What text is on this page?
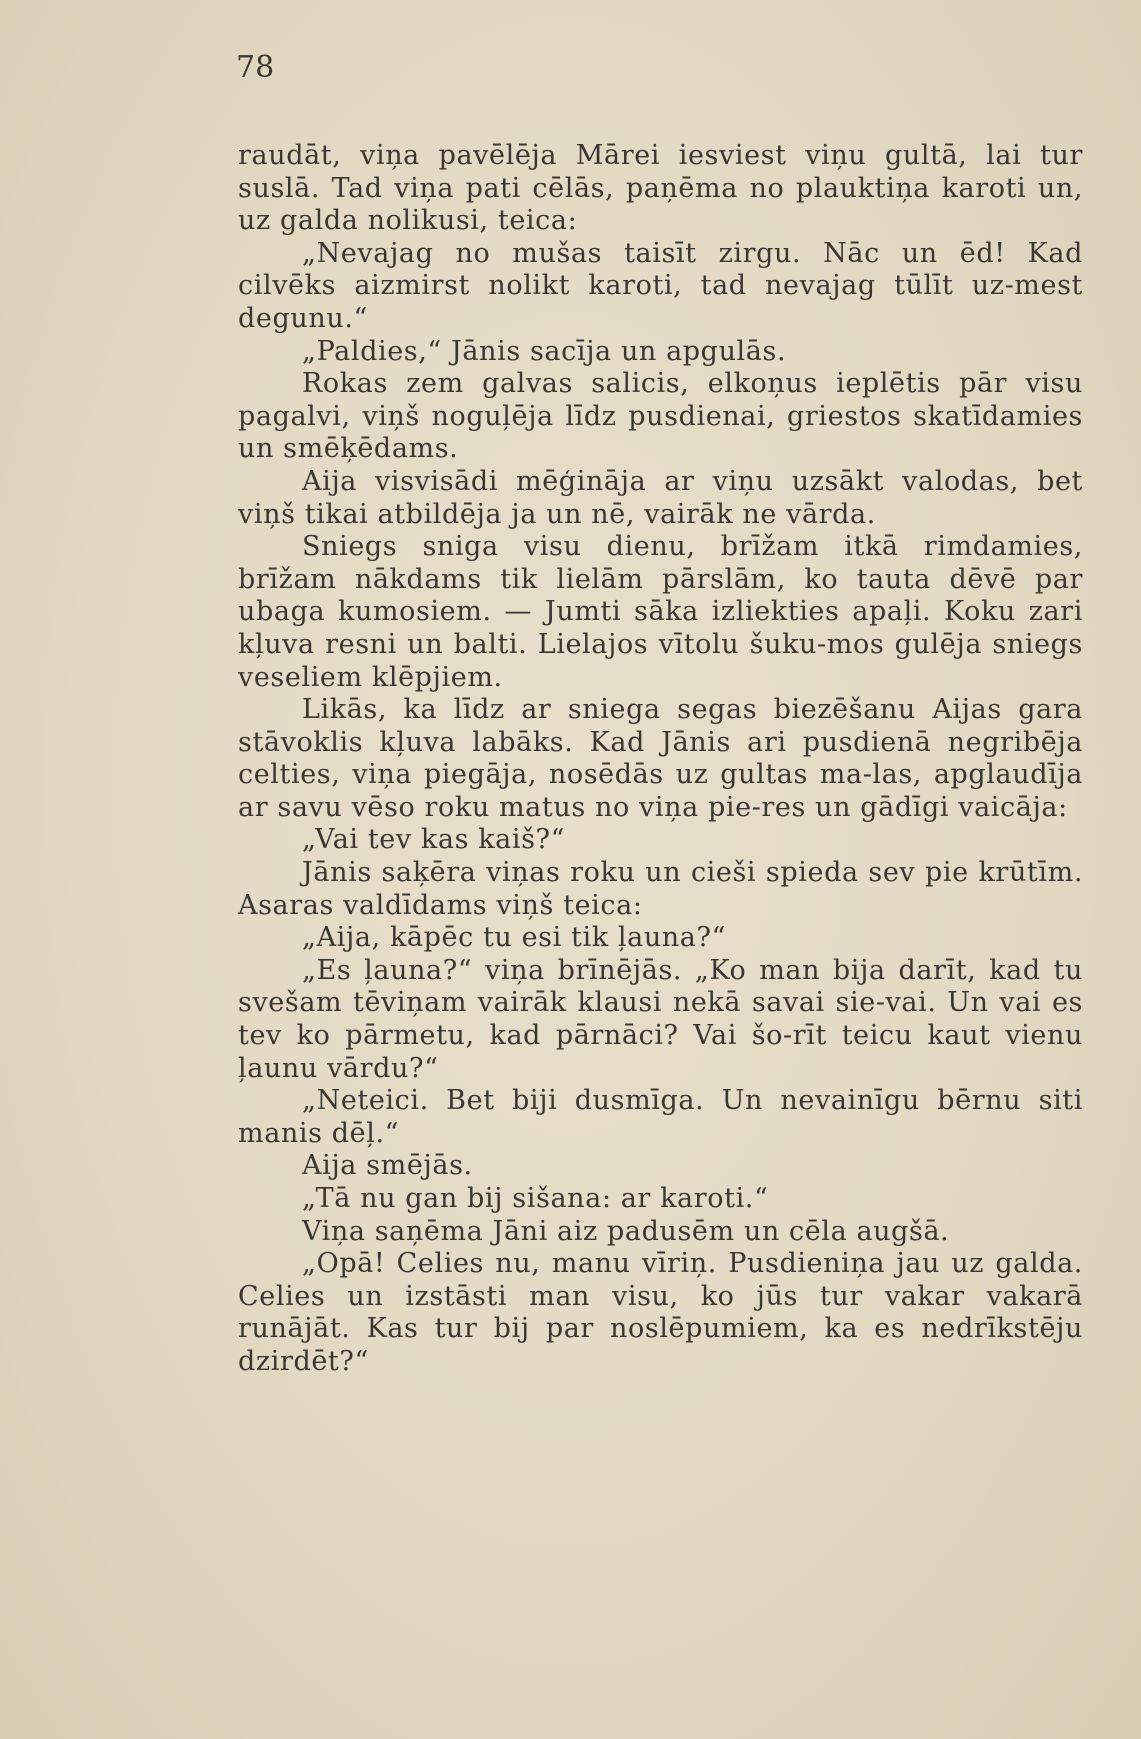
78

raudāt, viņa pavēlēja Mārei iesviest viņu gultā, lai tur suslā. Tad viņa pati cēlās, paņēma no plauktiņa karoti un, uz galda nolikusi, teica:

„Nevajag no mušas taisīt zirgu. Nāc un ēd! Kad cilvēks aizmirst nolikt karoti, tad nevajag tūlīt uz-mest degunu.“

„Paldies,“ Jānis sacīja un apgulās.

Rokas zem galvas salicis, elkoņus ieplētis pār visu pagalvi, viņš noguļēja līdz pusdienai, griestos skatīdamies un smēķēdams.

Aija visvisādi mēģināja ar viņu uzsākt valodas, bet viņš tikai atbildēja ja un nē, vairāk ne vārda.

Sniegs sniga visu dienu, brīžam itkā rimdamies, brīžam nākdams tik lielām pārslām, ko tauta dēvē par ubaga kumosiem. — Jumti sāka izliekties apaļi. Koku zari kļuva resni un balti. Lielajos vītolu šuku-mos gulēja sniegs veseliem klēpjiem.

Likās, ka līdz ar sniega segas biezēšanu Aijas gara stāvoklis kļuva labāks. Kad Jānis ari pusdienā negribēja celties, viņa piegāja, nosēdās uz gultas ma-las, apglaudīja ar savu vēso roku matus no viņa pie-res un gādīgi vaicāja:

„Vai tev kas kaiš?“

Jānis saķēra viņas roku un cieši spieda sev pie krūtīm. Asaras valdīdams viņš teica:

„Aija, kāpēc tu esi tik ļauna?“

„Es ļauna?“ viņa brīnējās. „Ko man bija darīt, kad tu svešam tēviņam vairāk klausi nekā savai sie-vai. Un vai es tev ko pārmetu, kad pārnāci? Vai šo-rīt teicu kaut vienu ļaunu vārdu?“

„Neteici. Bet biji dusmīga. Un nevainīgu bērnu siti manis dēļ.“

Aija smējās.

„Tā nu gan bij sišana: ar karoti.“

Viņa saņēma Jāni aiz padusēm un cēla augšā.

„Opā! Celies nu, manu vīriņ. Pusdieniņa jau uz galda. Celies un izstāsti man visu, ko jūs tur vakar vakarā runājāt. Kas tur bij par noslēpumiem, ka es nedrīkstēju dzirdēt?“
